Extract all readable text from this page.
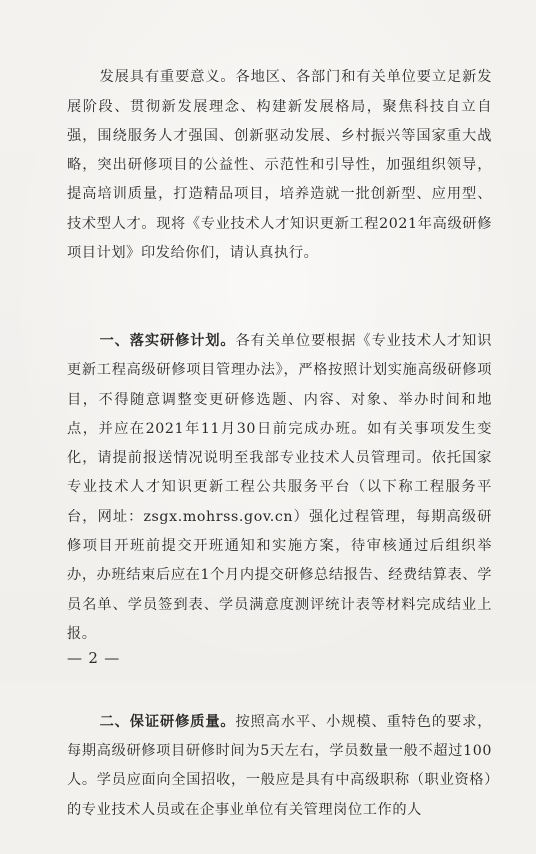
发展具有重要意义。各地区、各部门和有关单位要立足新发展阶段、贯彻新发展理念、构建新发展格局，聚焦科技自立自强，围绕服务人才强国、创新驱动发展、乡村振兴等国家重大战略，突出研修项目的公益性、示范性和引导性，加强组织领导，提高培训质量，打造精品项目，培养造就一批创新型、应用型、技术型人才。现将《专业技术人才知识更新工程2021年高级研修项目计划》印发给你们，请认真执行。

一、落实研修计划。各有关单位要根据《专业技术人才知识更新工程高级研修项目管理办法》，严格按照计划实施高级研修项目，不得随意调整变更研修选题、内容、对象、举办时间和地点，并应在2021年11月30日前完成办班。如有关事项发生变化，请提前报送情况说明至我部专业技术人员管理司。依托国家专业技术人才知识更新工程公共服务平台（以下称工程服务平台，网址：zsgx.mohrss.gov.cn）强化过程管理，每期高级研修项目开班前提交开班通知和实施方案，待审核通过后组织举办，办班结束后应在1个月内提交研修总结报告、经费结算表、学员名单、学员签到表、学员满意度测评统计表等材料完成结业上报。

二、保证研修质量。按照高水平、小规模、重特色的要求，每期高级研修项目研修时间为5天左右，学员数量一般不超过100人。学员应面向全国招收，一般应是具有中高级职称（职业资格）的专业技术人员或在企事业单位有关管理岗位工作的人

— 2 —
